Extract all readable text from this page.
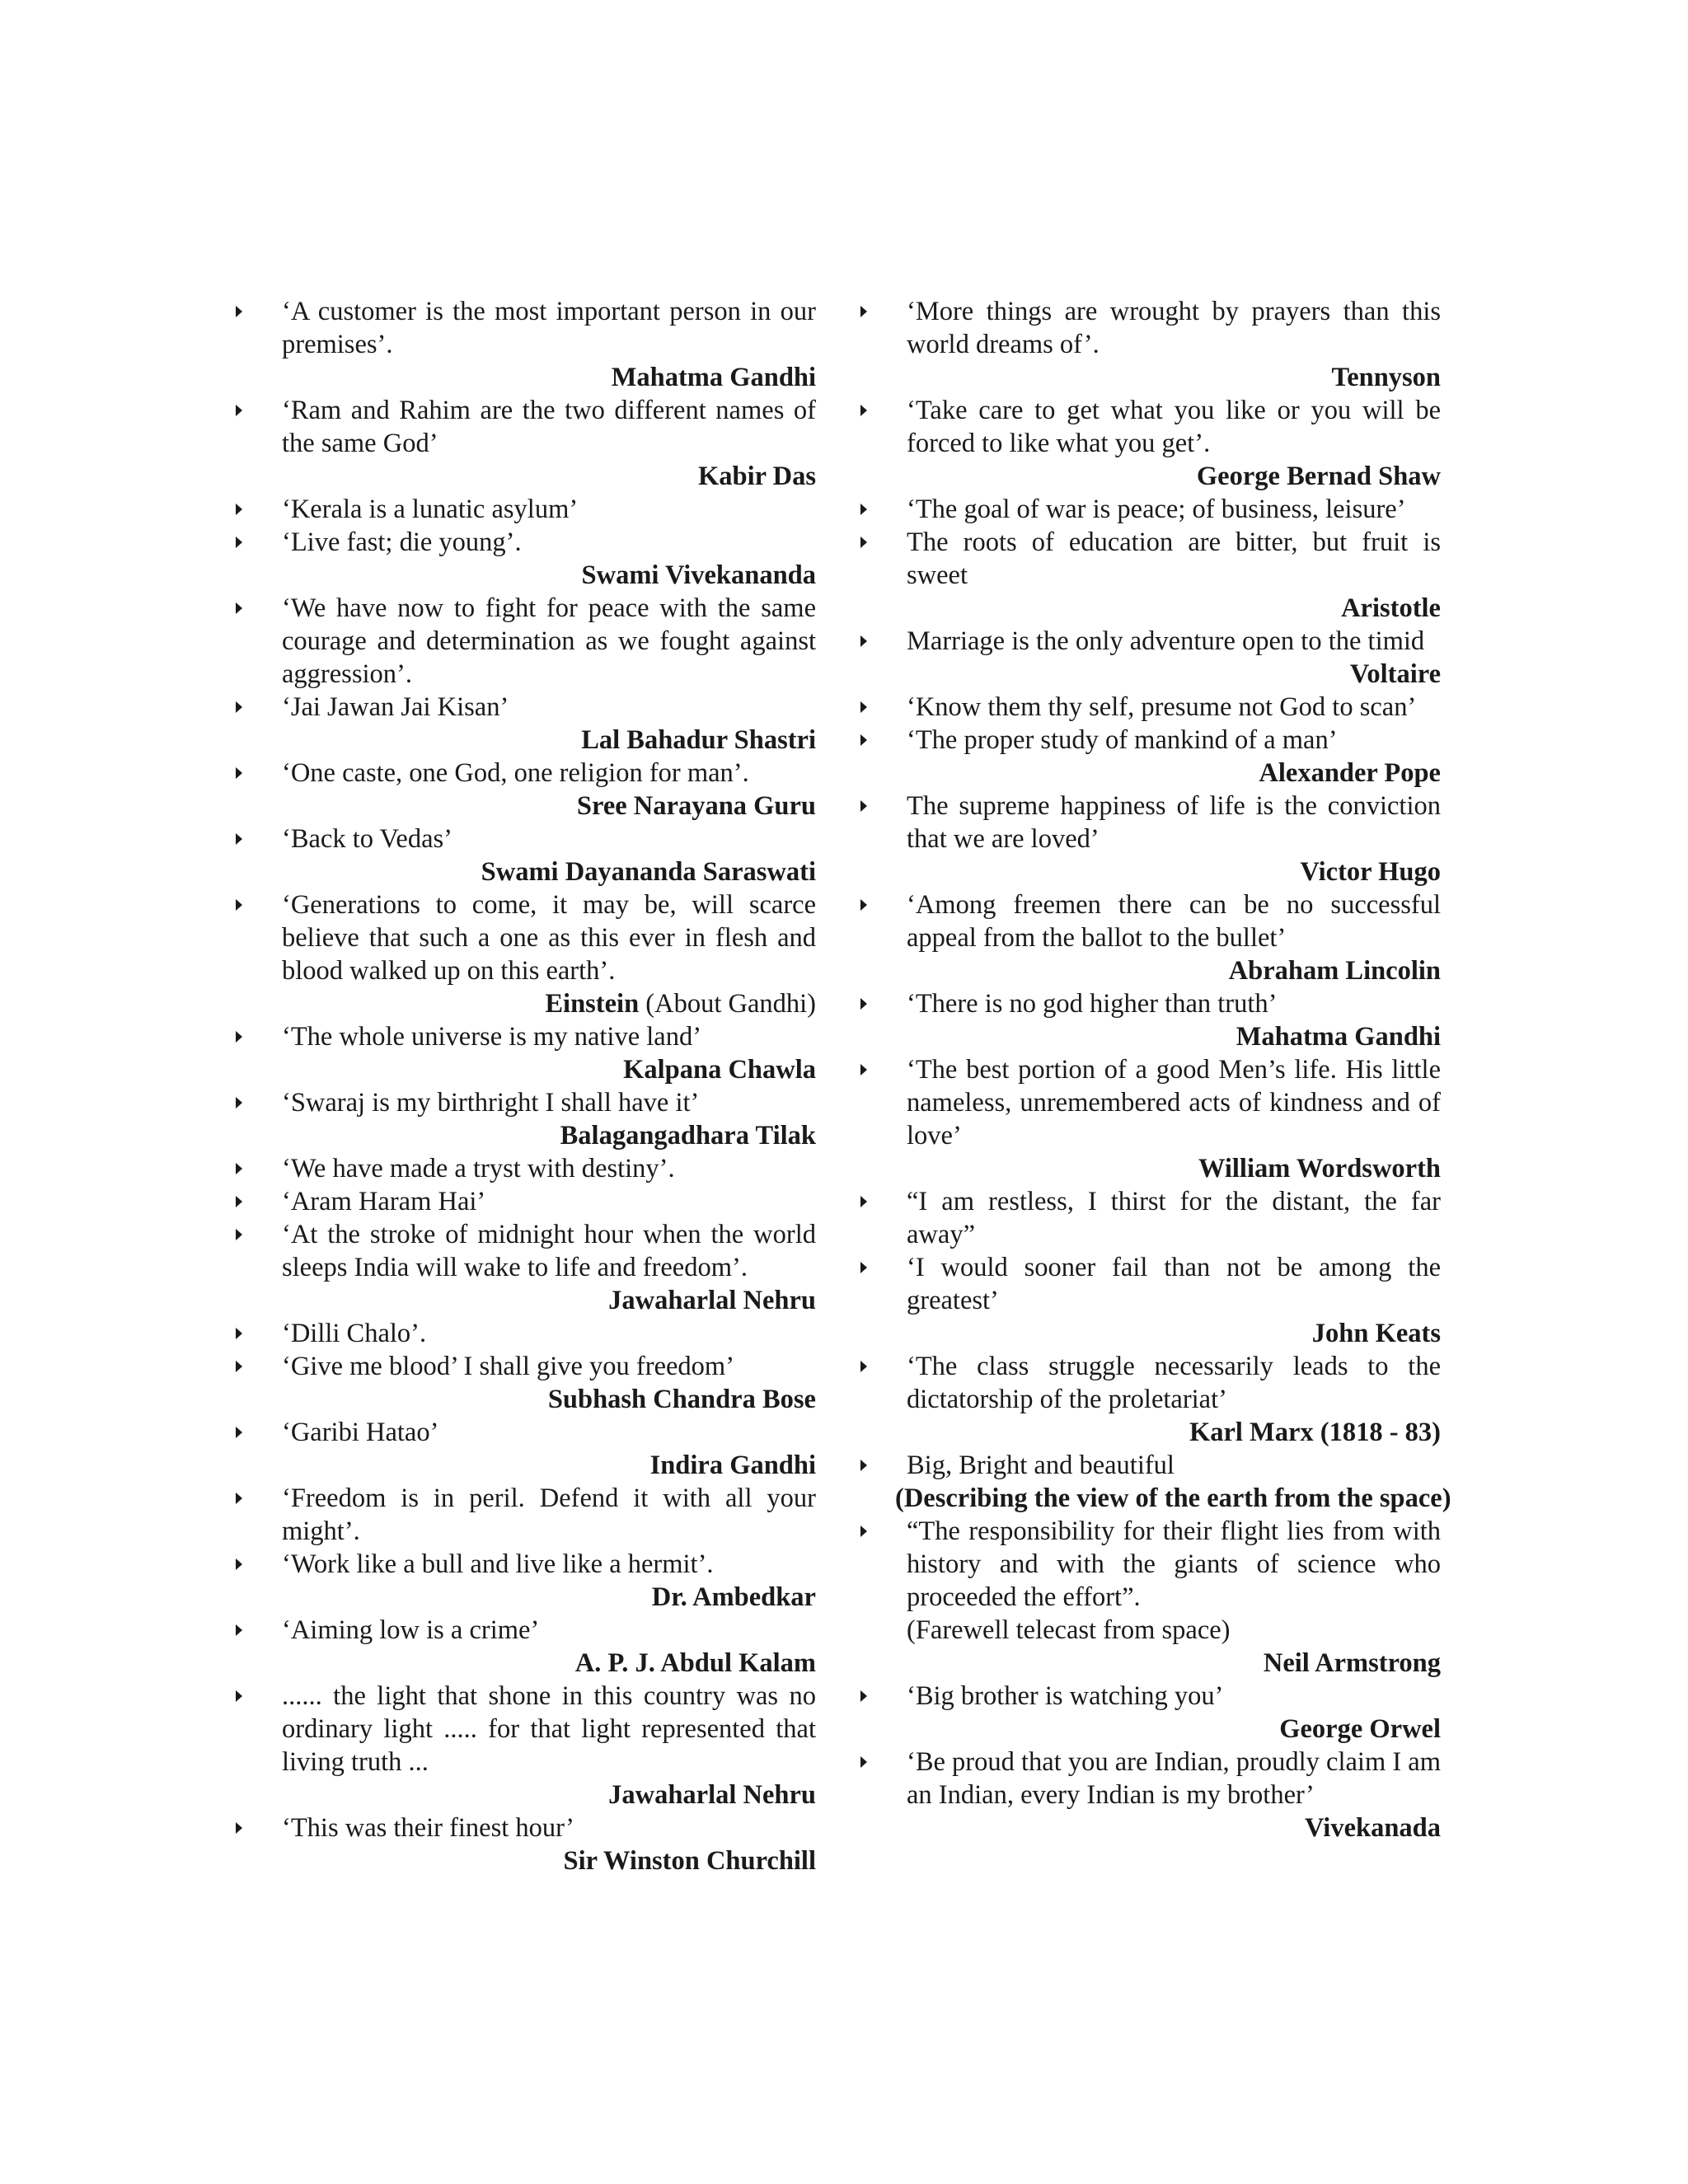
‘A customer is the most important person in our premises’.
Mahatma Gandhi
‘Ram and Rahim are the two different names of the same God’
Kabir Das
‘Kerala is a lunatic asylum’
‘Live fast; die young’.
Swami Vivekananda
‘We have now to fight for peace with the same courage and determination as we fought against aggression’.
‘Jai Jawan Jai Kisan’
Lal Bahadur Shastri
‘One caste, one God, one religion for man’.
Sree Narayana Guru
‘Back to Vedas’
Swami Dayananda Saraswati
‘Generations to come, it may be, will scarce believe that such a one as this ever in flesh and blood walked up on this earth’.
Einstein (About Gandhi)
‘The whole universe is my native land’
Kalpana Chawla
‘Swaraj is my birthright I shall have it’
Balagangadhara Tilak
‘We have made a tryst with destiny’.
‘Aram Haram Hai’
‘At the stroke of midnight hour when the world sleeps India will wake to life and freedom’.
Jawaharlal Nehru
‘Dilli Chalo’.
‘Give me blood’ I shall give you freedom’
Subhash Chandra Bose
‘Garibi Hatao’
Indira Gandhi
‘Freedom is in peril. Defend it with all your might’.
‘Work like a bull and live like a hermit’.
Dr. Ambedkar
‘Aiming low is a crime’
A. P. J. Abdul Kalam
...... the light that shone in this country was no ordinary light ..... for that light represented that living truth ...
Jawaharlal Nehru
‘This was their finest hour’
Sir Winston Churchill
‘More things are wrought by prayers than this world dreams of’.
Tennyson
‘Take care to get what you like or you will be forced to like what you get’.
George Bernad Shaw
‘The goal of war is peace; of business, leisure’
The roots of education are bitter, but fruit is sweet
Aristotle
Marriage is the only adventure open to the timid
Voltaire
‘Know them thy self, presume not God to scan’
‘The proper study of mankind of a man’
Alexander Pope
The supreme happiness of life is the conviction that we are loved’
Victor Hugo
‘Among freemen there can be no successful appeal from the ballot to the bullet’
Abraham Lincolin
‘There is no god higher than truth’
Mahatma Gandhi
‘The best portion of a good Men’s life. His little nameless, unremembered acts of kindness and of love’
William Wordsworth
“I am restless, I thirst for the distant, the far away”
‘I would sooner fail than not be among the greatest’
John Keats
‘The class struggle necessarily leads to the dictatorship of the proletariat’
Karl Marx (1818 - 83)
Big, Bright and beautiful
(Describing the view of the earth from the space)
“The responsibility for their flight lies from with history and with the giants of science who proceeded the effort”.
(Farewell telecast from space)
Neil Armstrong
‘Big brother is watching you’
George Orwel
‘Be proud that you are Indian, proudly claim I am an Indian, every Indian is my brother’
Vivekanada
